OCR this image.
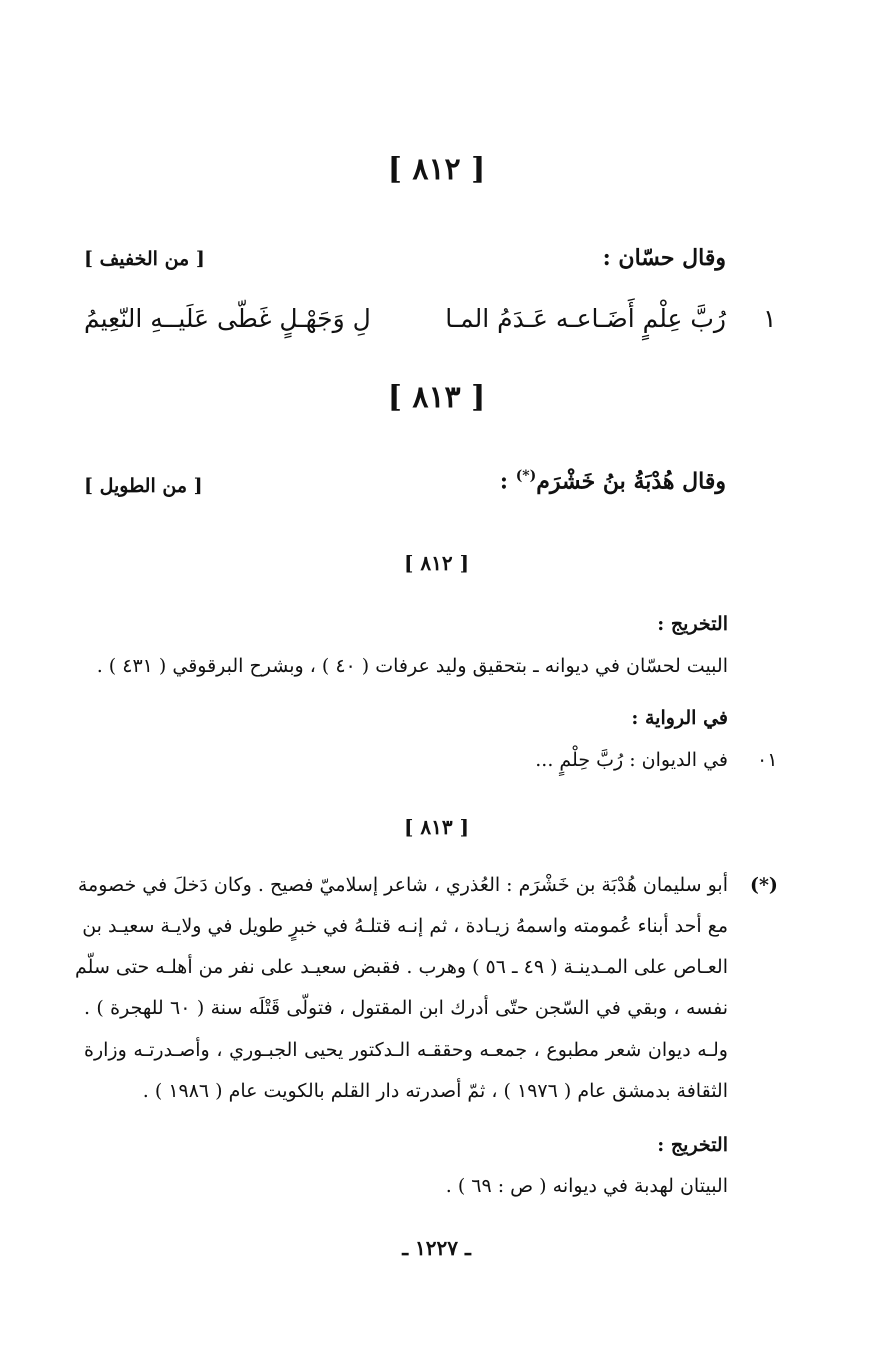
[ ٨١٢ ]
وقال حسّان :
[ من الخفيف ]
١
رُبَّ عِلْمٍ أَضَـاعـه عَـدَمُ المـا
لِ وَجَهْـلٍ غَطّى عَلَيــهِ النّعِيمُ
[ ٨١٣ ]
وقال هُدْبَةُ بنُ خَشْرَم(*) :
[ من الطويل ]
[ ٨١٢ ]
التخريج :
البيت لحسّان في ديوانه ـ بتحقيق وليد عرفات ( ٤٠ ) ، وبشرح البرقوقي ( ٤٣١ ) .
في الرواية :
٠١
في الديوان : رُبَّ حِلْمٍ ...
[ ٨١٣ ]
(*)
أبو سليمان هُدْبَة بن خَشْرَم : العُذري ، شاعر إسلاميّ فصيح . وكان دَخلَ في خصومة
مع أحد أبناء عُمومته واسمهُ زيـادة ، ثم إنـه قتلـهُ في خبرٍ طويل في ولايـة سعيـد بن
العـاص على المـدينـة ( ٤٩ ـ ٥٦ ) وهرب . فقبض سعيـد على نفر من أهلـه حتى سلّم
نفسه ، وبقي في السّجن حتّى أدرك ابن المقتول ، فتولّى قَتْلَه سنة ( ٦٠ للهجرة ) .
ولـه ديوان شعر مطبوع ، جمعـه وحققـه الـدكتور يحيى الجبـوري ، وأصـدرتـه وزارة
الثقافة بدمشق عام ( ١٩٧٦ ) ، ثمّ أصدرته دار القلم بالكويت عام ( ١٩٨٦ ) .
التخريج :
البيتان لهدبة في ديوانه ( ص : ٦٩ ) .
ـ ١٢٢٧ ـ
